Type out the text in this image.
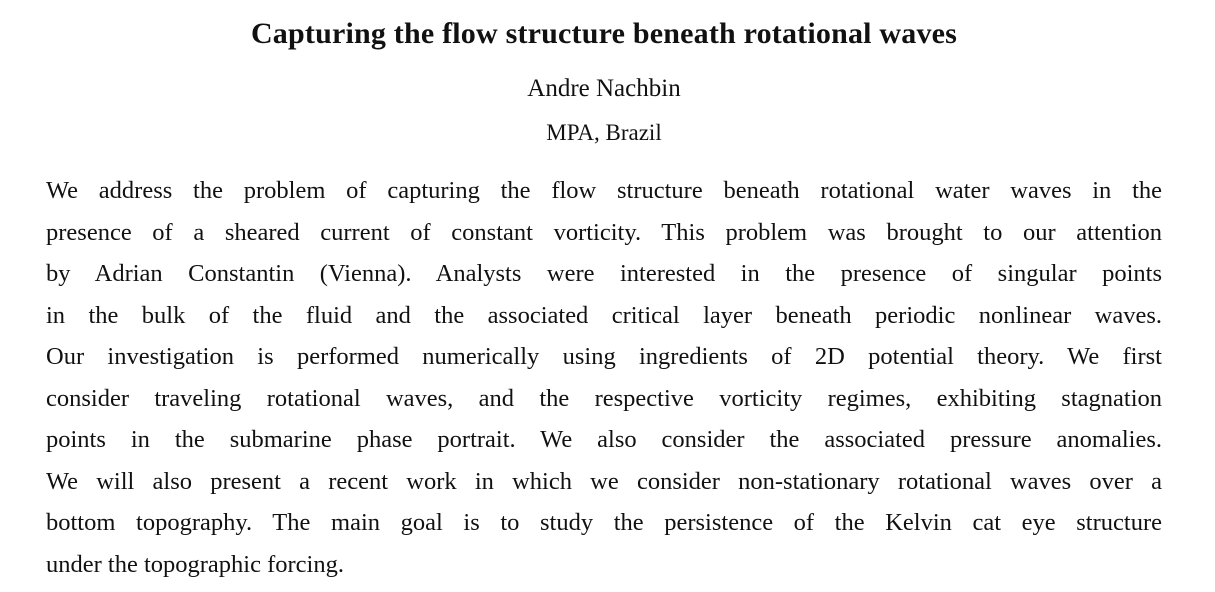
Capturing the flow structure beneath rotational waves
Andre Nachbin
MPA, Brazil
We address the problem of capturing the flow structure beneath rotational water waves in the
presence of a sheared current of constant vorticity. This problem was brought to our attention
by Adrian Constantin (Vienna). Analysts were interested in the presence of singular points
in the bulk of the fluid and the associated critical layer beneath periodic nonlinear waves.
Our investigation is performed numerically using ingredients of 2D potential theory. We first
consider traveling rotational waves, and the respective vorticity regimes, exhibiting stagnation
points in the submarine phase portrait. We also consider the associated pressure anomalies.
We will also present a recent work in which we consider non-stationary rotational waves over a
bottom topography. The main goal is to study the persistence of the Kelvin cat eye structure
under the topographic forcing.
